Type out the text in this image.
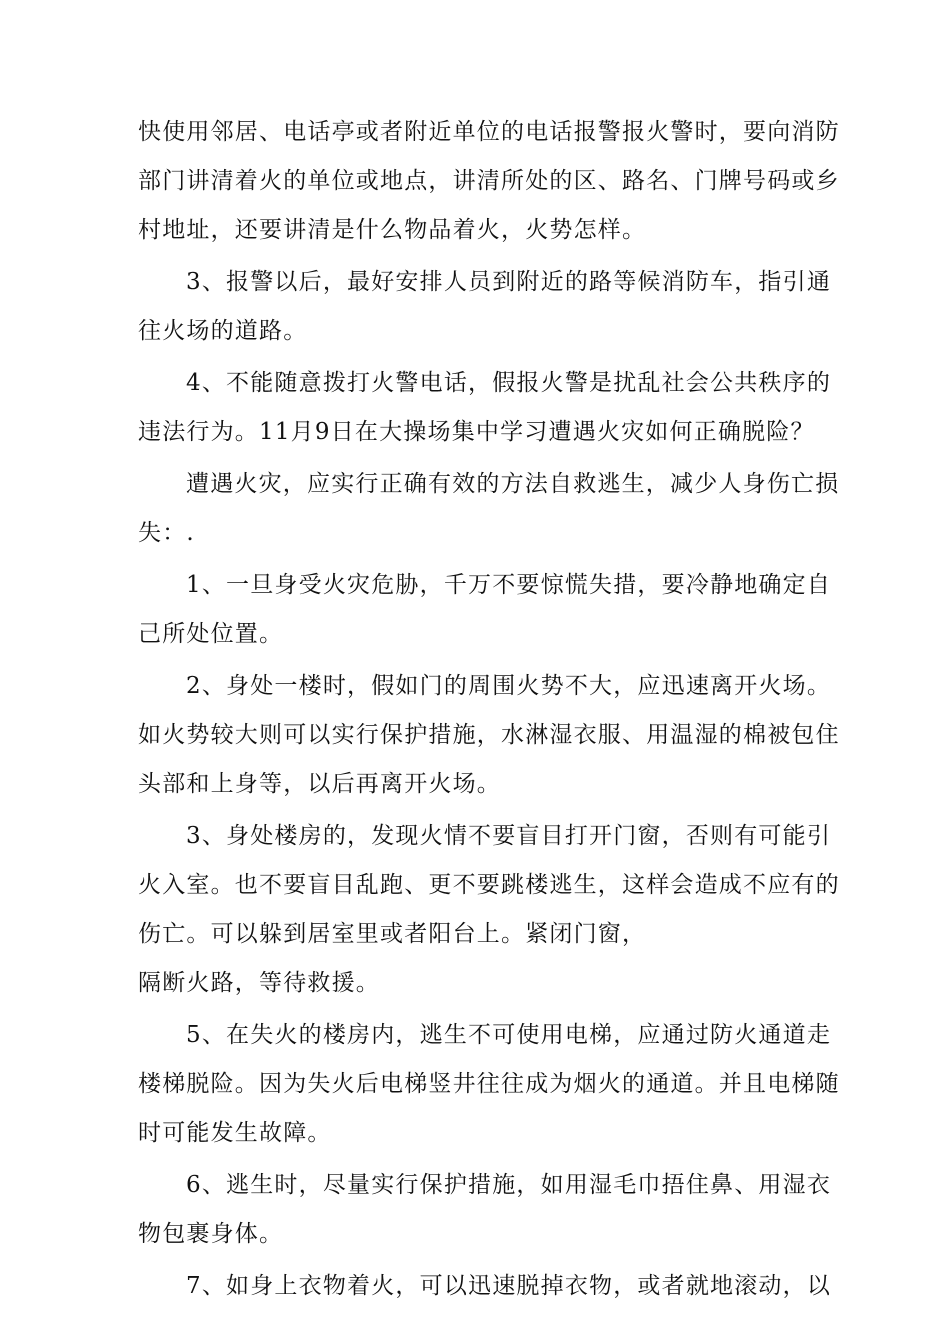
快使用邻居、电话亭或者附近单位的电话报警报火警时，要向消防
部门讲清着火的单位或地点，讲清所处的区、路名、门牌号码或乡
村地址，还要讲清是什么物品着火，火势怎样。
3、报警以后，最好安排人员到附近的路等候消防车，指引通
往火场的道路。
4、不能随意拨打火警电话，假报火警是扰乱社会公共秩序的
违法行为。11月9日在大操场集中学习遭遇火灾如何正确脱险？
遭遇火灾，应实行正确有效的方法自救逃生，减少人身伤亡损
失：.
1、一旦身受火灾危胁，千万不要惊慌失措，要冷静地确定自
己所处位置。
2、身处一楼时，假如门的周围火势不大，应迅速离开火场。
如火势较大则可以实行保护措施，水淋湿衣服、用温湿的棉被包住
头部和上身等，以后再离开火场。
3、身处楼房的，发现火情不要盲目打开门窗，否则有可能引
火入室。也不要盲目乱跑、更不要跳楼逃生，这样会造成不应有的
伤亡。可以躲到居室里或者阳台上。紧闭门窗，
隔断火路，等待救援。
5、在失火的楼房内，逃生不可使用电梯，应通过防火通道走
楼梯脱险。因为失火后电梯竖井往往成为烟火的通道。并且电梯随
时可能发生故障。
6、逃生时，尽量实行保护措施，如用湿毛巾捂住鼻、用湿衣
物包裹身体。
7、如身上衣物着火，可以迅速脱掉衣物，或者就地滚动，以
